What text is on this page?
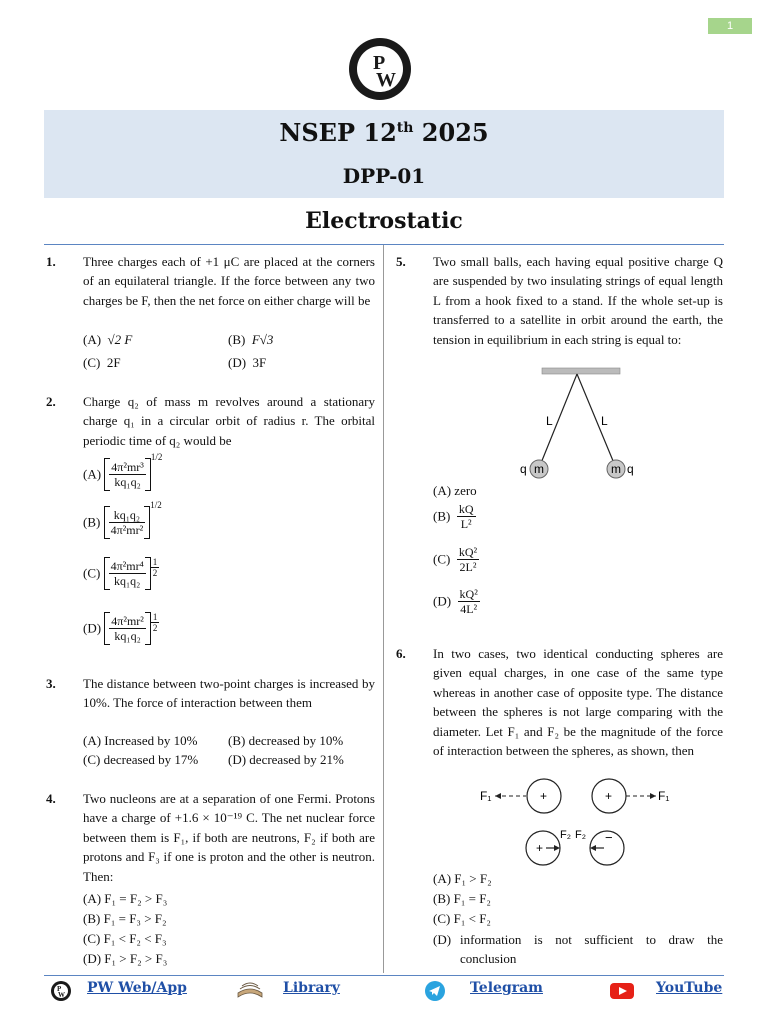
1
P
W
NSEP 12th 2025
DPP-01
Electrostatic
1. Three charges each of +1 μC are placed at the corners of an equilateral triangle. If the force between any two charges be F, then the net force on either charge will be
(A) √2 F	(B) F√3
(C) 2F	(D) 3F
2. Charge q₂ of mass m revolves around a stationary charge q₁ in a circular orbit of radius r. The orbital periodic time of q₂ would be
$(A) \frac{\text{4π²mr³}}{\text{kq₁q₂}}$
$^{1/2}$
$(B) \frac{\text{kq₁q₂}}{\text{4π²mr²}}$
$^{1/2}$
$(C) \frac{\text{4π²mr⁴}}{\text{kq₁q₂}} \frac{1}{2}$
$(D) \frac{\text{4π²mr²}}{\text{kq₁q₂}} \frac{1}{2}$
3. The distance between two-point charges is increased by 10%. The force of interaction between them
(A) Increased by 10% (B) decreased by 10%
(C) decreased by 17% (D) decreased by 21%
4. Two nucleons are at a separation of one Fermi. Protons have a charge of +1.6 × 10⁻¹⁹ C. The net nuclear force between them is F₁, if both are neutrons, F₂ if both are protons and F₃ if one is proton and the other is neutron. Then:
(A) F₁ = F₂ > F₃
(B) F₁ = F₃ > F₂
(C) F₁ < F₂ < F₃
(D) F₁ > F₂ > F₃
5. Two small balls, each having equal positive charge Q are suspended by two insulating strings of equal length L from a hook fixed to a stand. If the whole set-up is transferred to a satellite in orbit around the earth, the tension in equilibrium in each string is equal to:
L	L
m	m
q	q
(A) zero
$(B) \frac{kQ}{\text{L²}}$
$(C) \frac{\text{kQ²}}{\text{2L²}}$
$(D) \frac{\text{kQ²}}{\text{4L²}}$
6. In two cases, two identical conducting spheres are given equal charges, in one case of the same type whereas in another case of opposite type. The distance between the spheres is not large comparing with the diameter. Let F₁ and F₂ be the magnitude of the force of interaction between the spheres, as shown, then
F₁	+	+	F₁
+
F₂ F₂ −
(A) F₁ > F₂
(B) F₁ = F₂
(C) F₁ < F₂
(D) information is not sufficient to draw the conclusion
P
W PW Web/App	Library	Telegram	YouTube
